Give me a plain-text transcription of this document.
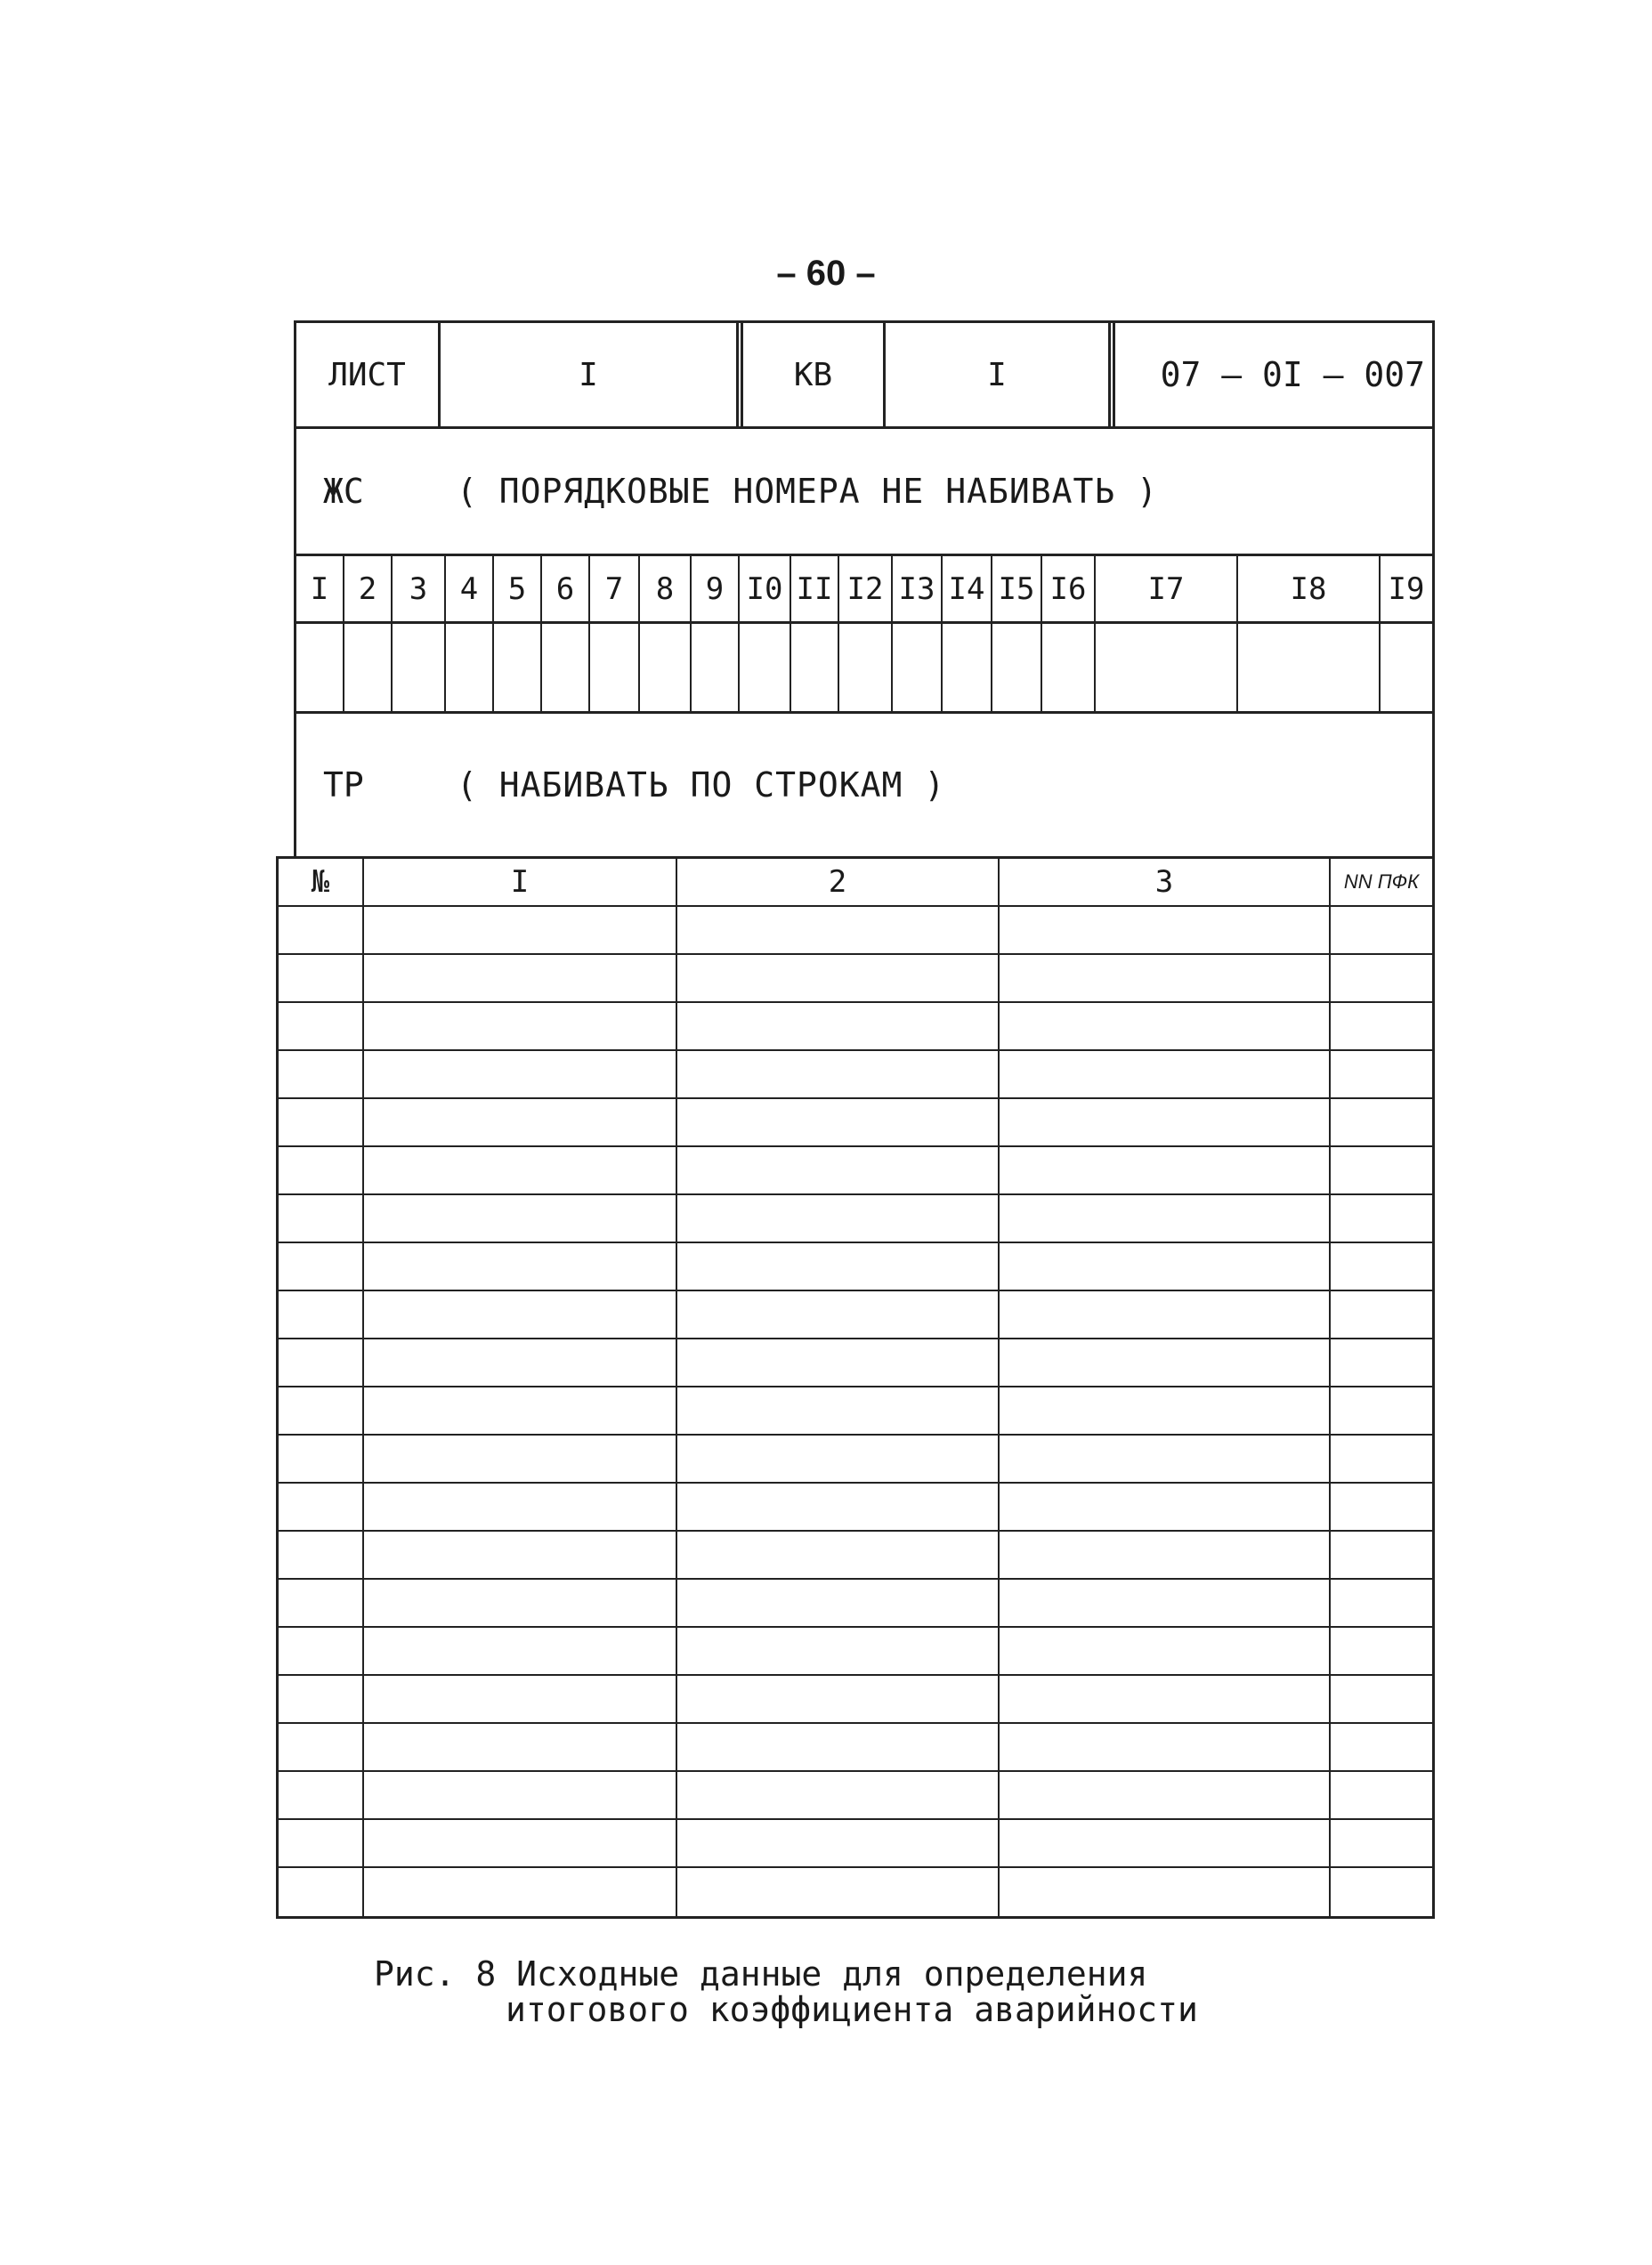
– 60 –
ЛИСТ	I	КВ	I	07 – 0I – 007
ЖС	( ПОРЯДКОВЫЕ НОМЕРА НЕ НАБИВАТЬ )
I 2	3	4 5 6	7	8	9 I0 II I2 I3 I4 I5 I6	I7	I8	I9
ТР	( НАБИВАТЬ ПО СТРОКАМ )
№	I	2	3	NN ПФК
Рис. 8 Исходные данные для определения
итогового коэффициента аварийности
